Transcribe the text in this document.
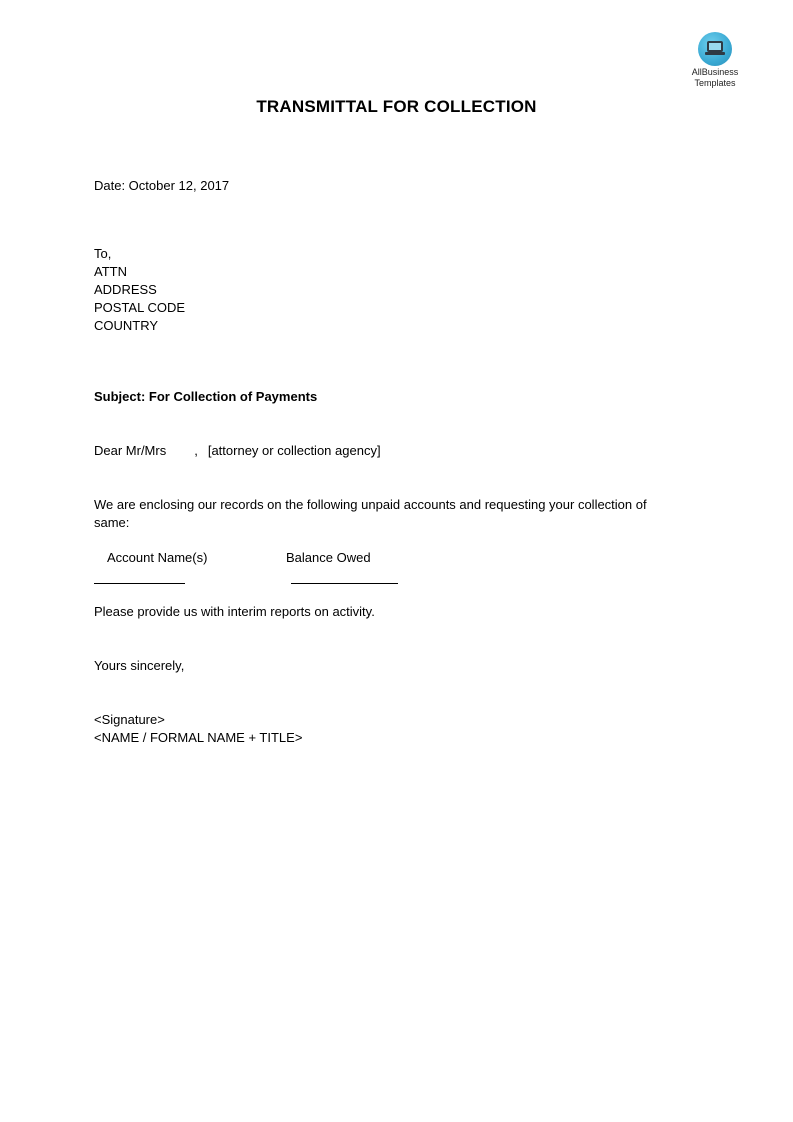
AllBusiness
Templates
TRANSMITTAL FOR COLLECTION
Date: October 12, 2017
To,
ATTN
ADDRESS
POSTAL CODE
COUNTRY
Subject: For Collection of Payments
Dear Mr/Mrs , [attorney or collection agency]
We are enclosing our records on the following unpaid accounts and requesting your collection of same:
Account Name(s)	Balance Owed
Please provide us with interim reports on activity.
Yours sincerely,
<Signature>
<NAME / FORMAL NAME + TITLE>
